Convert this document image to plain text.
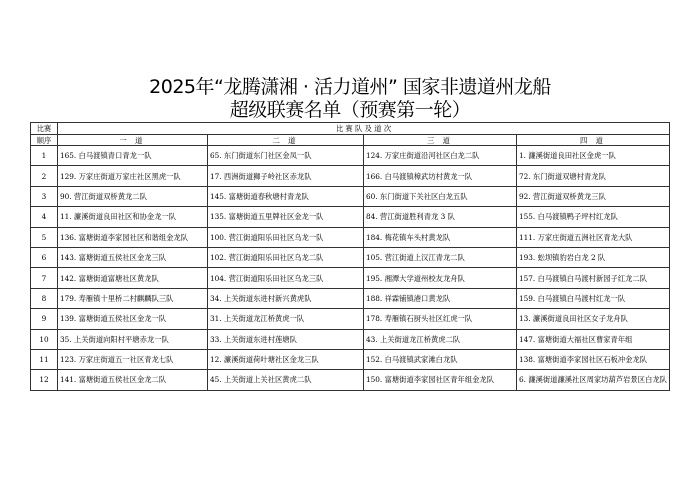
2025年“龙腾潇湘 · 活力道州” 国家非遗道州龙船
超级联赛名单（预赛第一轮）
比赛	比 赛 队 及 道 次			
顺序	一 道	二 道	三 道	四 道
1	165. 白马渡镇青口青龙一队	65. 东门街道东门社区金凤一队	124. 万家庄街道沿河社区白龙二队	1. 濂溪街道良田社区金虎一队
2	129. 万家庄街道万家庄社区黑虎一队	17. 西洲街道狮子岭社区赤龙队	166. 白马渡镇樟武坊村黄龙一队	72. 东门街道双塘村青龙队
3	90. 营江街道双桥黄龙二队	145. 富塘街道春秋塘村青龙队	60. 东门街道下关社区白龙五队	92. 营江街道双桥黄龙三队
4	11. 濂溪街道良田社区和协金龙一队	135. 富塘街道五里牌社区金龙一队	84. 营江街道胜利青龙 3 队	155. 白马渡镇鸭子坪村红龙队
5	136. 富塘街道李家园社区和谐组金龙队	100. 营江街道阳乐田社区乌龙一队	184. 梅花镇车头村黄龙队	111. 万家庄街道五洲社区青龙大队
6	143. 富塘街道五侯社区金龙三队	102. 营江街道阳乐田社区乌龙二队	105. 营江街道上汉江青龙二队	193. 蚣坝镇豹岩白龙 2 队
7	142. 富塘街道富塘社区黄龙队	104. 营江街道阳乐田社区乌龙三队	195. 湘潭大学道州校友龙舟队	157. 白马渡镇白马渡村新园子红龙二队
8	179. 寿雁镇十里桥二村麒麟队三队	34. 上关街道东进村新兴黄虎队	188. 祥霖铺镇港口黄龙队	159. 白马渡镇白马渡村红龙一队
9	139. 富塘街道五侯社区金龙一队	31. 上关街道龙江桥黄虎一队	178. 寿雁镇石厨头社区红虎一队	13. 濂溪街道良田社区女子龙舟队
10	35. 上关街道向阳村平塘赤龙一队	33. 上关街道东进村莲塘队	43. 上关街道龙江桥黄虎二队	147. 富塘街道大福社区曹家青年组
11	123. 万家庄街道五一社区青龙七队	12. 濂溪街道荷叶塘社区金龙三队	152. 白马渡镇武家滩白龙队	138. 富塘街道李家园社区石板冲金龙队
12	141. 富塘街道五侯社区金龙二队	45. 上关街道上关社区黄虎二队	150. 富塘街道李家园社区青年组金龙队	6. 濂溪街道濂溪社区周家坊葫芦岩景区白龙队
